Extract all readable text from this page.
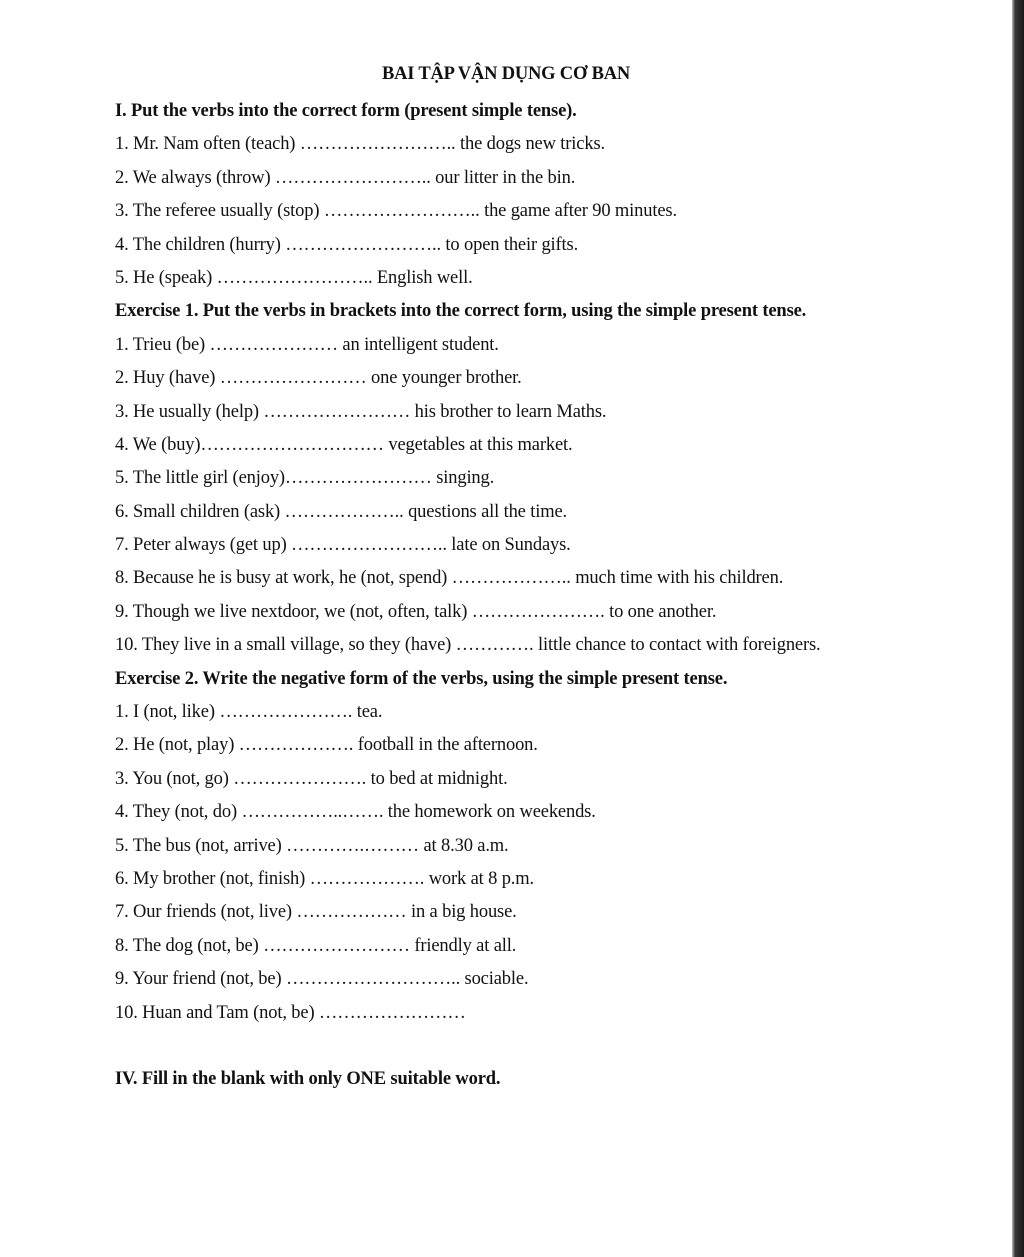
BAI TẬP VẬN DỤNG CƠ BAN
I. Put the verbs into the correct form (present simple tense).
1. Mr. Nam often (teach) …………………….. the dogs new tricks.
2. We always (throw) …………………….. our litter in the bin.
3. The referee usually (stop) …………………….. the game after 90 minutes.
4. The children (hurry) …………………….. to open their gifts.
5. He (speak) …………………….. English well.
Exercise 1. Put the verbs in brackets into the correct form, using the simple present tense.
1. Trieu (be) ………………… an intelligent student.
2. Huy (have) …………………… one younger brother.
3. He usually (help) …………………… his brother to learn Maths.
4. We (buy)………………………… vegetables at this market.
5. The little girl (enjoy)…………………… singing.
6. Small children (ask) ……………….. questions all the time.
7. Peter always (get up) …………………….. late on Sundays.
8. Because he is busy at work, he (not, spend) ……………….. much time with his children.
9. Though we live nextdoor, we (not, often, talk) …………………. to one another.
10. They live in a small village, so they (have) …………. little chance to contact with foreigners.
Exercise 2. Write the negative form of the verbs, using the simple present tense.
1. I (not, like) …………………. tea.
2. He (not, play) ………………. football in the afternoon.
3. You (not, go) …………………. to bed at midnight.
4. They (not, do) ……………..……. the homework on weekends.
5. The bus (not, arrive) ………….……… at 8.30 a.m.
6. My brother (not, finish) ………………. work at 8 p.m.
7. Our friends (not, live) ……………… in a big house.
8. The dog (not, be) …………………… friendly at all.
9. Your friend (not, be) ……………………….. sociable.
10. Huan and Tam (not, be) ……………………
IV. Fill in the blank with only ONE suitable word.
